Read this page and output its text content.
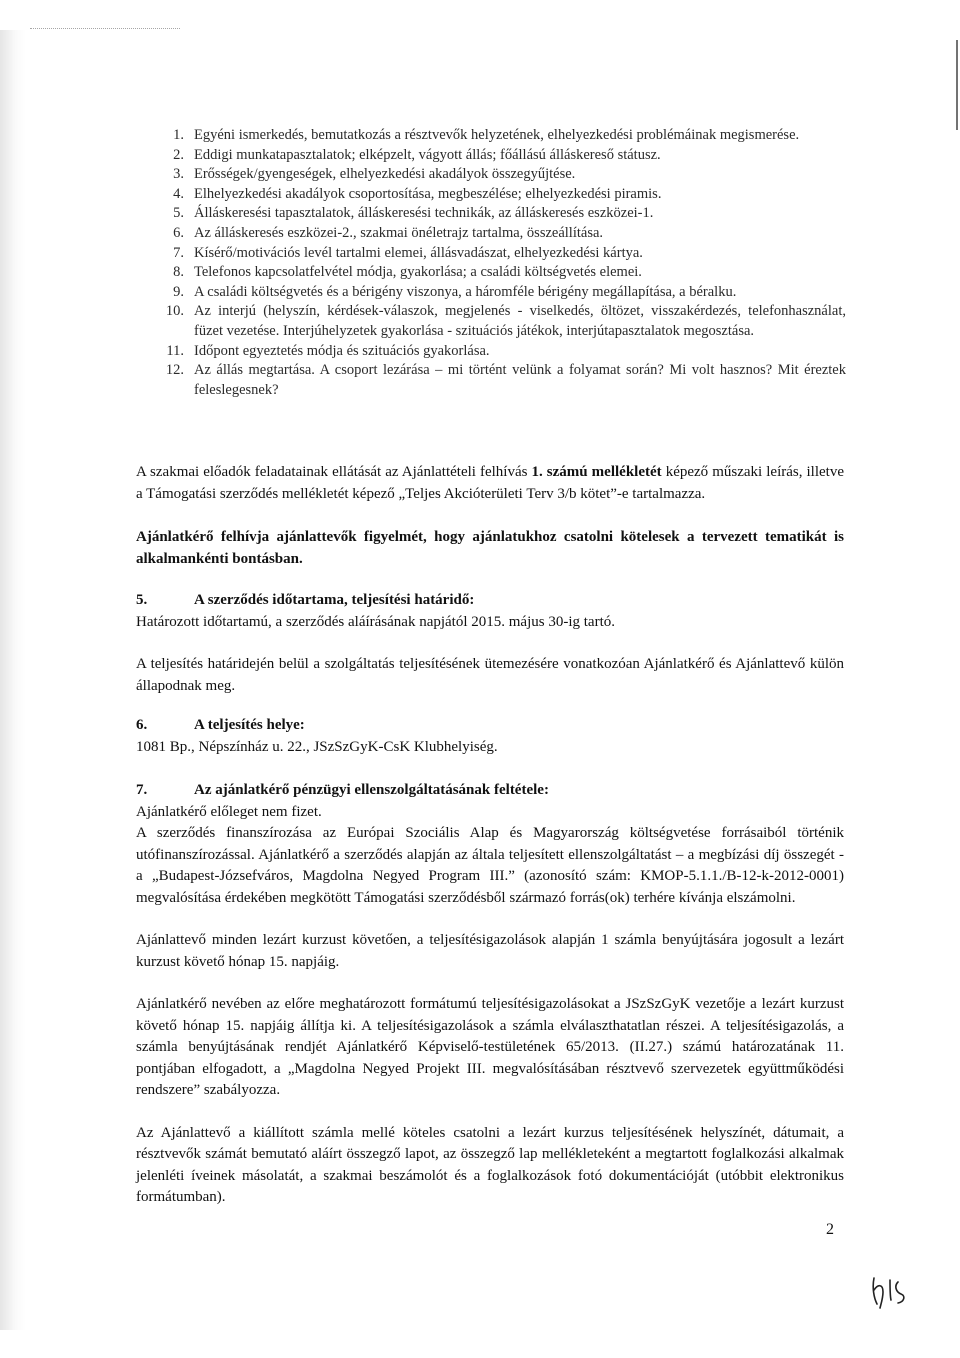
1. Egyéni ismerkedés, bemutatkozás a résztvevők helyzetének, elhelyezkedési problémáinak megismerése.
2. Eddigi munkatapasztalatok; elképzelt, vágyott állás; főállású álláskereső státusz.
3. Erősségek/gyengeségek, elhelyezkedési akadályok összegyűjtése.
4. Elhelyezkedési akadályok csoportosítása, megbeszélése; elhelyezkedési piramis.
5. Álláskeresési tapasztalatok, álláskeresési technikák, az álláskeresés eszközei-1.
6. Az álláskeresés eszközei-2., szakmai önéletrajz tartalma, összeállítása.
7. Kísérő/motivációs levél tartalmi elemei, állásvadászat, elhelyezkedési kártya.
8. Telefonos kapcsolatfelvétel módja, gyakorlása; a családi költségvetés elemei.
9. A családi költségvetés és a bérigény viszonya, a háromféle bérigény megállapítása, a béralku.
10. Az interjú (helyszín, kérdések-válaszok, megjelenés - viselkedés, öltözet, visszakérdezés, telefonhasználat, füzet vezetése. Interjúhelyzetek gyakorlása - szituációs játékok, interjútapasztalatok megosztása.
11. Időpont egyeztetés módja és szituációs gyakorlása.
12. Az állás megtartása. A csoport lezárása – mi történt velünk a folyamat során? Mi volt hasznos? Mit éreztek feleslegesnek?

A szakmai előadók feladatainak ellátását az Ajánlattételi felhívás 1. számú mellékletét képező műszaki leírás, illetve a Támogatási szerződés mellékletét képező „Teljes Akcióterületi Terv 3/b kötet”-e tartalmazza.

Ajánlatkérő felhívja ajánlattevők figyelmét, hogy ajánlatukhoz csatolni kötelesek a tervezett tematikát is alkalmankénti bontásban.

5.	A szerződés időtartama, teljesítési határidő:

Határozott időtartamú, a szerződés aláírásának napjától 2015. május 30-ig tartó.

A teljesítés határidején belül a szolgáltatás teljesítésének ütemezésére vonatkozóan Ajánlatkérő és Ajánlattevő külön állapodnak meg.

6.	A teljesítés helye:

1081 Bp., Népszínház u. 22., JSzSzGyK-CsK Klubhelyiség.

7.	Az ajánlatkérő pénzügyi ellenszolgáltatásának feltétele:

Ajánlatkérő előleget nem fizet.

A szerződés finanszírozása az Európai Szociális Alap és Magyarország költségvetése forrásaiból történik utófinanszírozással. Ajánlatkérő a szerződés alapján az általa teljesített ellenszolgáltatást – a megbízási díj összegét - a „Budapest-Józsefváros, Magdolna Negyed Program III.” (azonosító szám: KMOP-5.1.1./B-12-k-2012-0001) megvalósítása érdekében megkötött Támogatási szerződésből származó forrás(ok) terhére kívánja elszámolni.

Ajánlattevő minden lezárt kurzust követően, a teljesítésigazolások alapján 1 számla benyújtására jogosult a lezárt kurzust követő hónap 15. napjáig.

Ajánlatkérő nevében az előre meghatározott formátumú teljesítésigazolásokat a JSzSzGyK vezetője a lezárt kurzust követő hónap 15. napjáig állítja ki. A teljesítésigazolások a számla elválaszthatatlan részei. A teljesítésigazolás, a számla benyújtásának rendjét Ajánlatkérő Képviselő-testületének 65/2013. (II.27.) számú határozatának 11. pontjában elfogadott, a „Magdolna Negyed Projekt III. megvalósításában résztvevő szervezetek együttműködési rendszere” szabályozza.

Az Ajánlattevő a kiállított számla mellé köteles csatolni a lezárt kurzus teljesítésének helyszínét, dátumait, a résztvevők számát bemutató aláírt összegző lapot, az összegző lap mellékleteként a megtartott foglalkozási alkalmak jelenléti íveinek másolatát, a szakmai beszámolót és a foglalkozások fotó dokumentációját (utóbbit elektronikus formátumban).

2
